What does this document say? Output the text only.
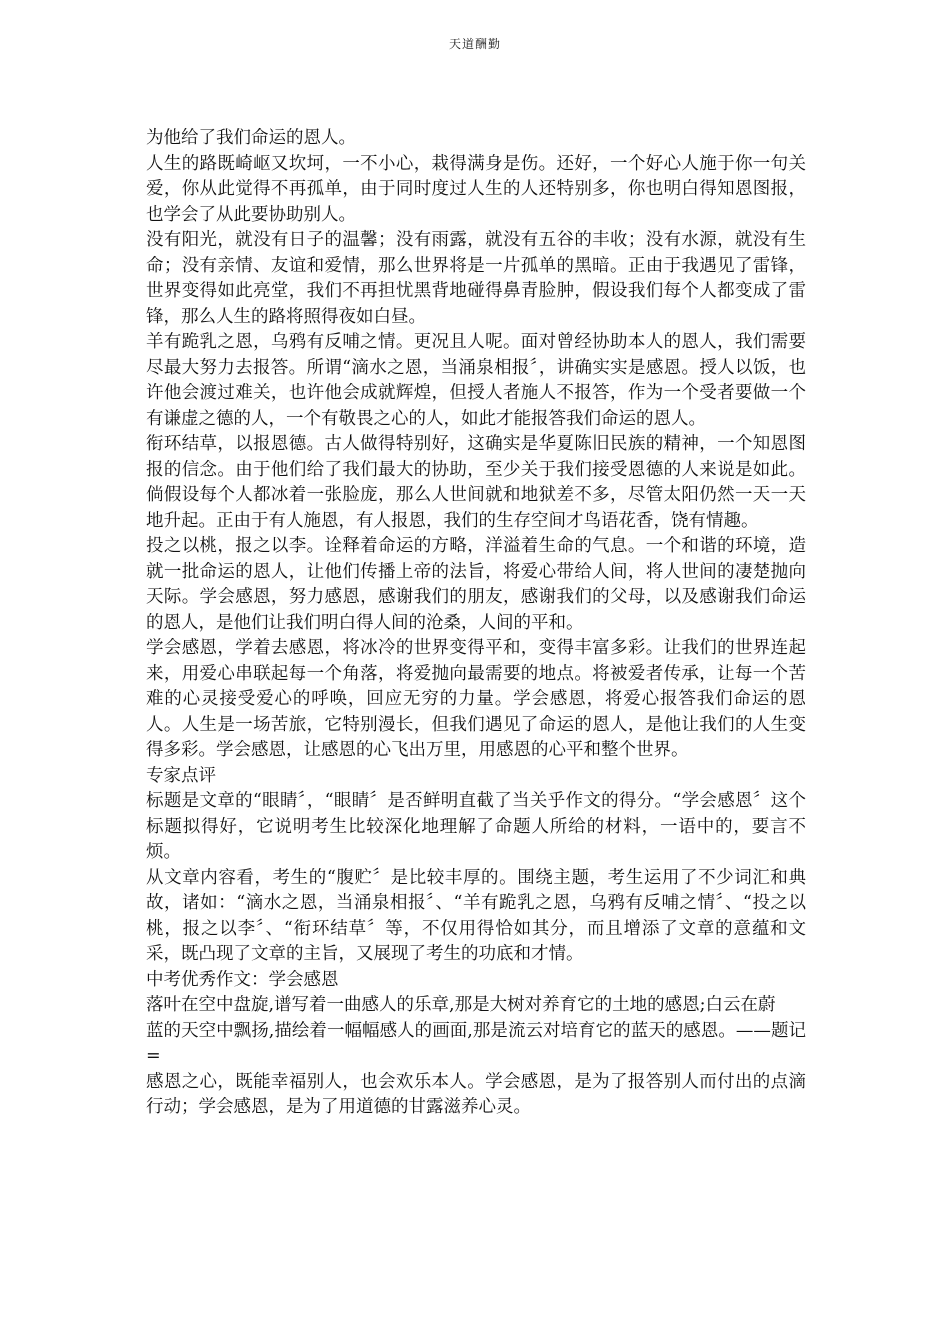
天道酬勤

为他给了我们命运的恩人。

人生的路既崎岖又坎坷，一不小心，栽得满身是伤。还好，一个好心人施于你一句关爱，你从此觉得不再孤单，由于同时度过人生的人还特别多，你也明白得知恩图报，也学会了从此要协助别人。

没有阳光，就没有日子的温馨；没有雨露，就没有五谷的丰收；没有水源，就没有生命；没有亲情、友谊和爱情，那么世界将是一片孤单的黑暗。正由于我遇见了雷锋，世界变得如此亮堂，我们不再担忧黑背地碰得鼻青脸肿，假设我们每个人都变成了雷锋，那么人生的路将照得夜如白昼。

羊有跪乳之恩，乌鸦有反哺之情。更况且人呢。面对曾经协助本人的恩人，我们需要尽最大努力去报答。所谓“滴水之恩，当涌泉相报〞，讲确实实是感恩。授人以饭，也许他会渡过难关，也许他会成就辉煌，但授人者施人不报答，作为一个受者要做一个有谦虚之德的人，一个有敬畏之心的人，如此才能报答我们命运的恩人。

衔环结草，以报恩德。古人做得特别好，这确实是华夏陈旧民族的精神，一个知恩图报的信念。由于他们给了我们最大的协助，至少关于我们接受恩德的人来说是如此。倘假设每个人都冰着一张脸庞，那么人世间就和地狱差不多，尽管太阳仍然一天一天地升起。正由于有人施恩，有人报恩，我们的生存空间才鸟语花香，饶有情趣。

投之以桃，报之以李。诠释着命运的方略，洋溢着生命的气息。一个和谐的环境，造就一批命运的恩人，让他们传播上帝的法旨，将爱心带给人间，将人世间的凄楚抛向天际。学会感恩，努力感恩，感谢我们的朋友，感谢我们的父母，以及感谢我们命运的恩人，是他们让我们明白得人间的沧桑，人间的平和。

学会感恩，学着去感恩，将冰冷的世界变得平和，变得丰富多彩。让我们的世界连起来，用爱心串联起每一个角落，将爱抛向最需要的地点。将被爱者传承，让每一个苦难的心灵接受爱心的呼唤，回应无穷的力量。学会感恩，将爱心报答我们命运的恩人。人生是一场苦旅，它特别漫长，但我们遇见了命运的恩人，是他让我们的人生变得多彩。学会感恩，让感恩的心飞出万里，用感恩的心平和整个世界。

专家点评

标题是文章的“眼睛〞，“眼睛〞是否鲜明直截了当关乎作文的得分。“学会感恩〞这个标题拟得好，它说明考生比较深化地理解了命题人所给的材料，一语中的，要言不烦。

从文章内容看，考生的“腹贮〞是比较丰厚的。围绕主题，考生运用了不少词汇和典故，诸如：“滴水之恩，当涌泉相报〞、“羊有跪乳之恩，乌鸦有反哺之情〞、“投之以桃，报之以李〞、“衔环结草〞等，不仅用得恰如其分，而且增添了文章的意蕴和文采，既凸现了文章的主旨，又展现了考生的功底和才情。

中考优秀作文：学会感恩

落叶在空中盘旋,谱写着一曲感人的乐章,那是大树对养育它的土地的感恩;白云在蔚

蓝的天空中飘扬,描绘着一幅幅感人的画面,那是流云对培育它的蓝天的感恩。——题记=

感恩之心，既能幸福别人，也会欢乐本人。学会感恩，是为了报答别人而付出的点滴行动；学会感恩，是为了用道德的甘露滋养心灵。
